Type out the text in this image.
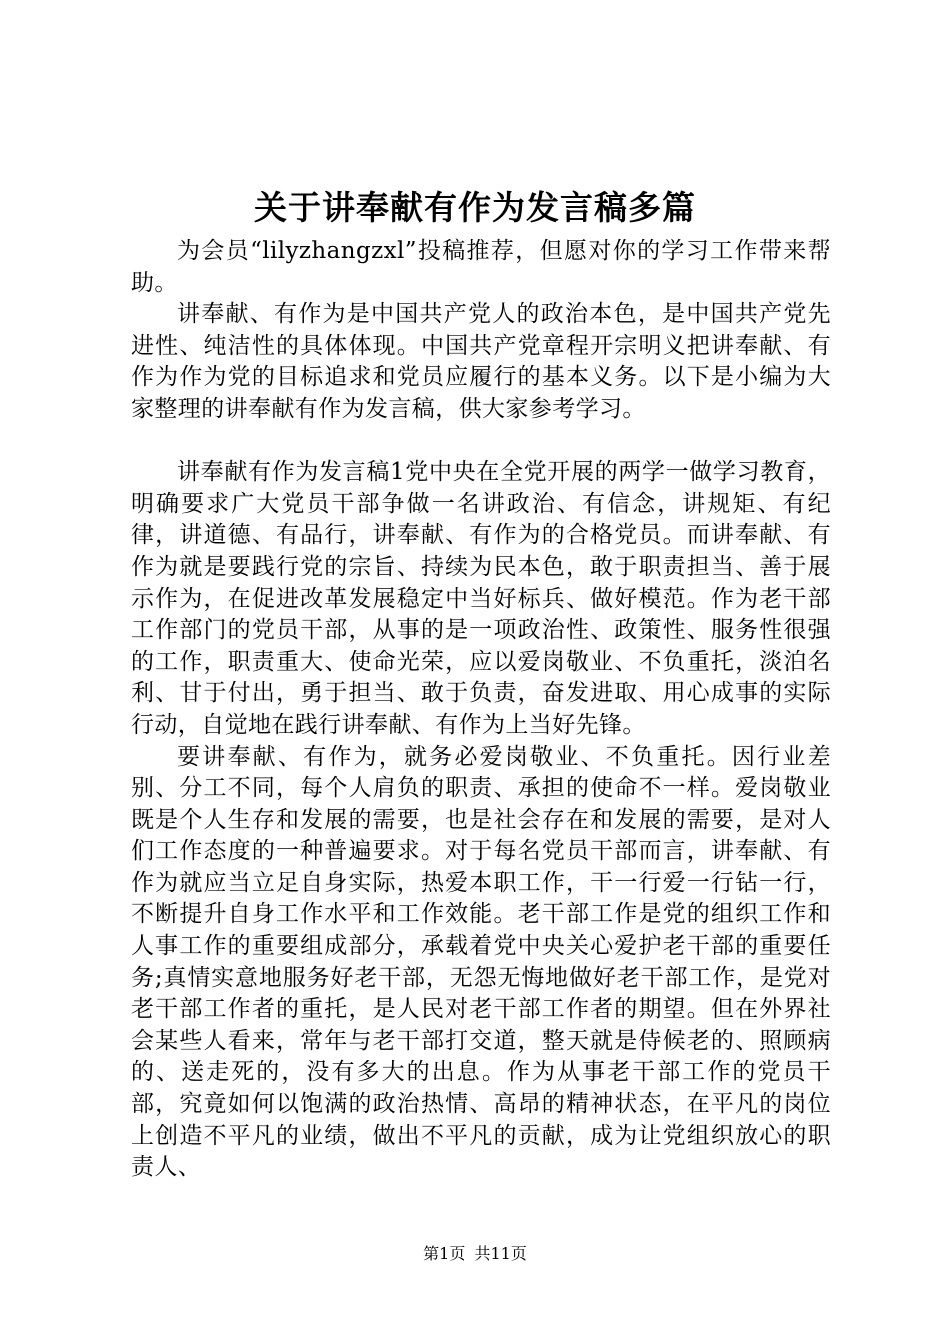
关于讲奉献有作为发言稿多篇

为会员“lilyzhangzxl”投稿推荐，但愿对你的学习工作带来帮助。

讲奉献、有作为是中国共产党人的政治本色，是中国共产党先进性、纯洁性的具体体现。中国共产党章程开宗明义把讲奉献、有作为作为党的目标追求和党员应履行的基本义务。以下是小编为大家整理的讲奉献有作为发言稿，供大家参考学习。

讲奉献有作为发言稿1党中央在全党开展的两学一做学习教育，明确要求广大党员干部争做一名讲政治、有信念，讲规矩、有纪律，讲道德、有品行，讲奉献、有作为的合格党员。而讲奉献、有作为就是要践行党的宗旨、持续为民本色，敢于职责担当、善于展示作为，在促进改革发展稳定中当好标兵、做好模范。作为老干部工作部门的党员干部，从事的是一项政治性、政策性、服务性很强的工作，职责重大、使命光荣，应以爱岗敬业、不负重托，淡泊名利、甘于付出，勇于担当、敢于负责，奋发进取、用心成事的实际行动，自觉地在践行讲奉献、有作为上当好先锋。

要讲奉献、有作为，就务必爱岗敬业、不负重托。因行业差别、分工不同，每个人肩负的职责、承担的使命不一样。爱岗敬业既是个人生存和发展的需要，也是社会存在和发展的需要，是对人们工作态度的一种普遍要求。对于每名党员干部而言，讲奉献、有作为就应当立足自身实际，热爱本职工作，干一行爱一行钻一行，不断提升自身工作水平和工作效能。老干部工作是党的组织工作和人事工作的重要组成部分，承载着党中央关心爱护老干部的重要任务;真情实意地服务好老干部，无怨无悔地做好老干部工作，是党对老干部工作者的重托，是人民对老干部工作者的期望。但在外界社会某些人看来，常年与老干部打交道，整天就是侍候老的、照顾病的、送走死的，没有多大的出息。作为从事老干部工作的党员干部，究竟如何以饱满的政治热情、高昂的精神状态，在平凡的岗位上创造不平凡的业绩，做出不平凡的贡献，成为让党组织放心的职责人、

第1页 共11页
